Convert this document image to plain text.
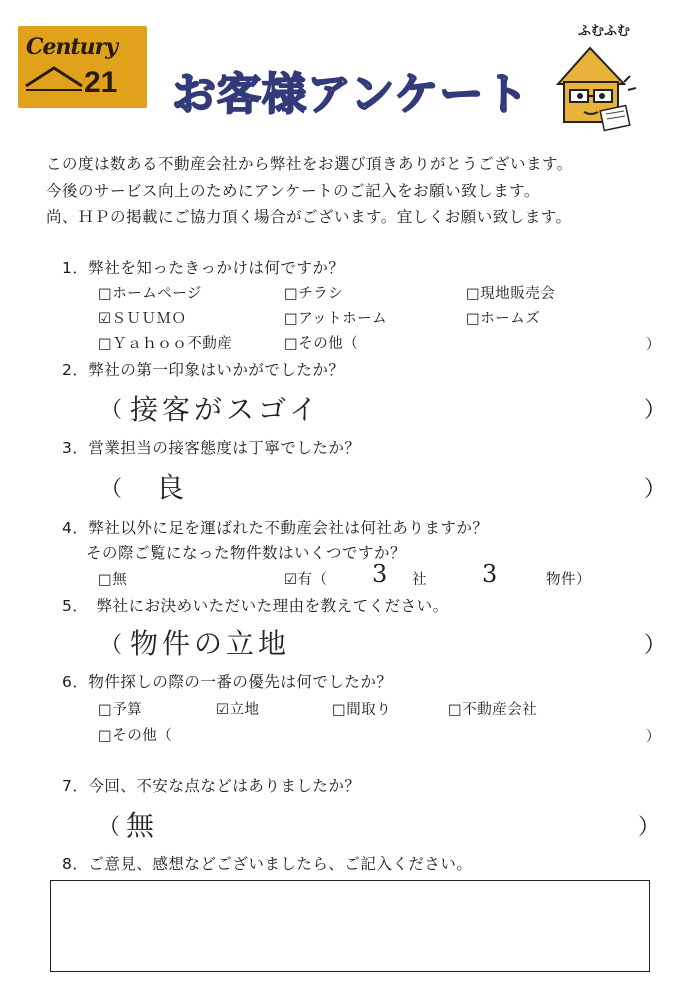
Century
21 お客様アンケート
ふむふむ
この度は数ある不動産会社から弊社をお選び頂きありがとうございます。
今後のサービス向上のためにアンケートのご記入をお願い致します。
尚、ＨＰの掲載にご協力頂く場合がございます。宜しくお願い致します。
1．弊社を知ったきっかけは何ですか？
□ホームページ	□チラシ	□現地販売会
☑ＳＵＵＭＯ	□アットホーム	□ホームズ
□Ｙａｈｏｏ不動産	□その他（	）
2．弊社の第一印象はいかがでしたか？
（ 接客がスゴイ	）
3．営業担当の接客態度は丁寧でしたか？
（ 良	）
4．弊社以外に足を運ばれた不動産会社は何社ありますか？
その際ご覧になった物件数はいくつですか？
□無	☑有（ 3 社 3	物件）
5．　弊社にお決めいただいた理由を教えてください。
（ 物件の立地	）
6．物件探しの際の一番の優先は何でしたか？
□予算	☑立地	□間取り	□不動産会社
□その他（	）
7．今回、不安な点などはありましたか？
（ 無	）
8．ご意見、感想などございましたら、ご記入ください。
